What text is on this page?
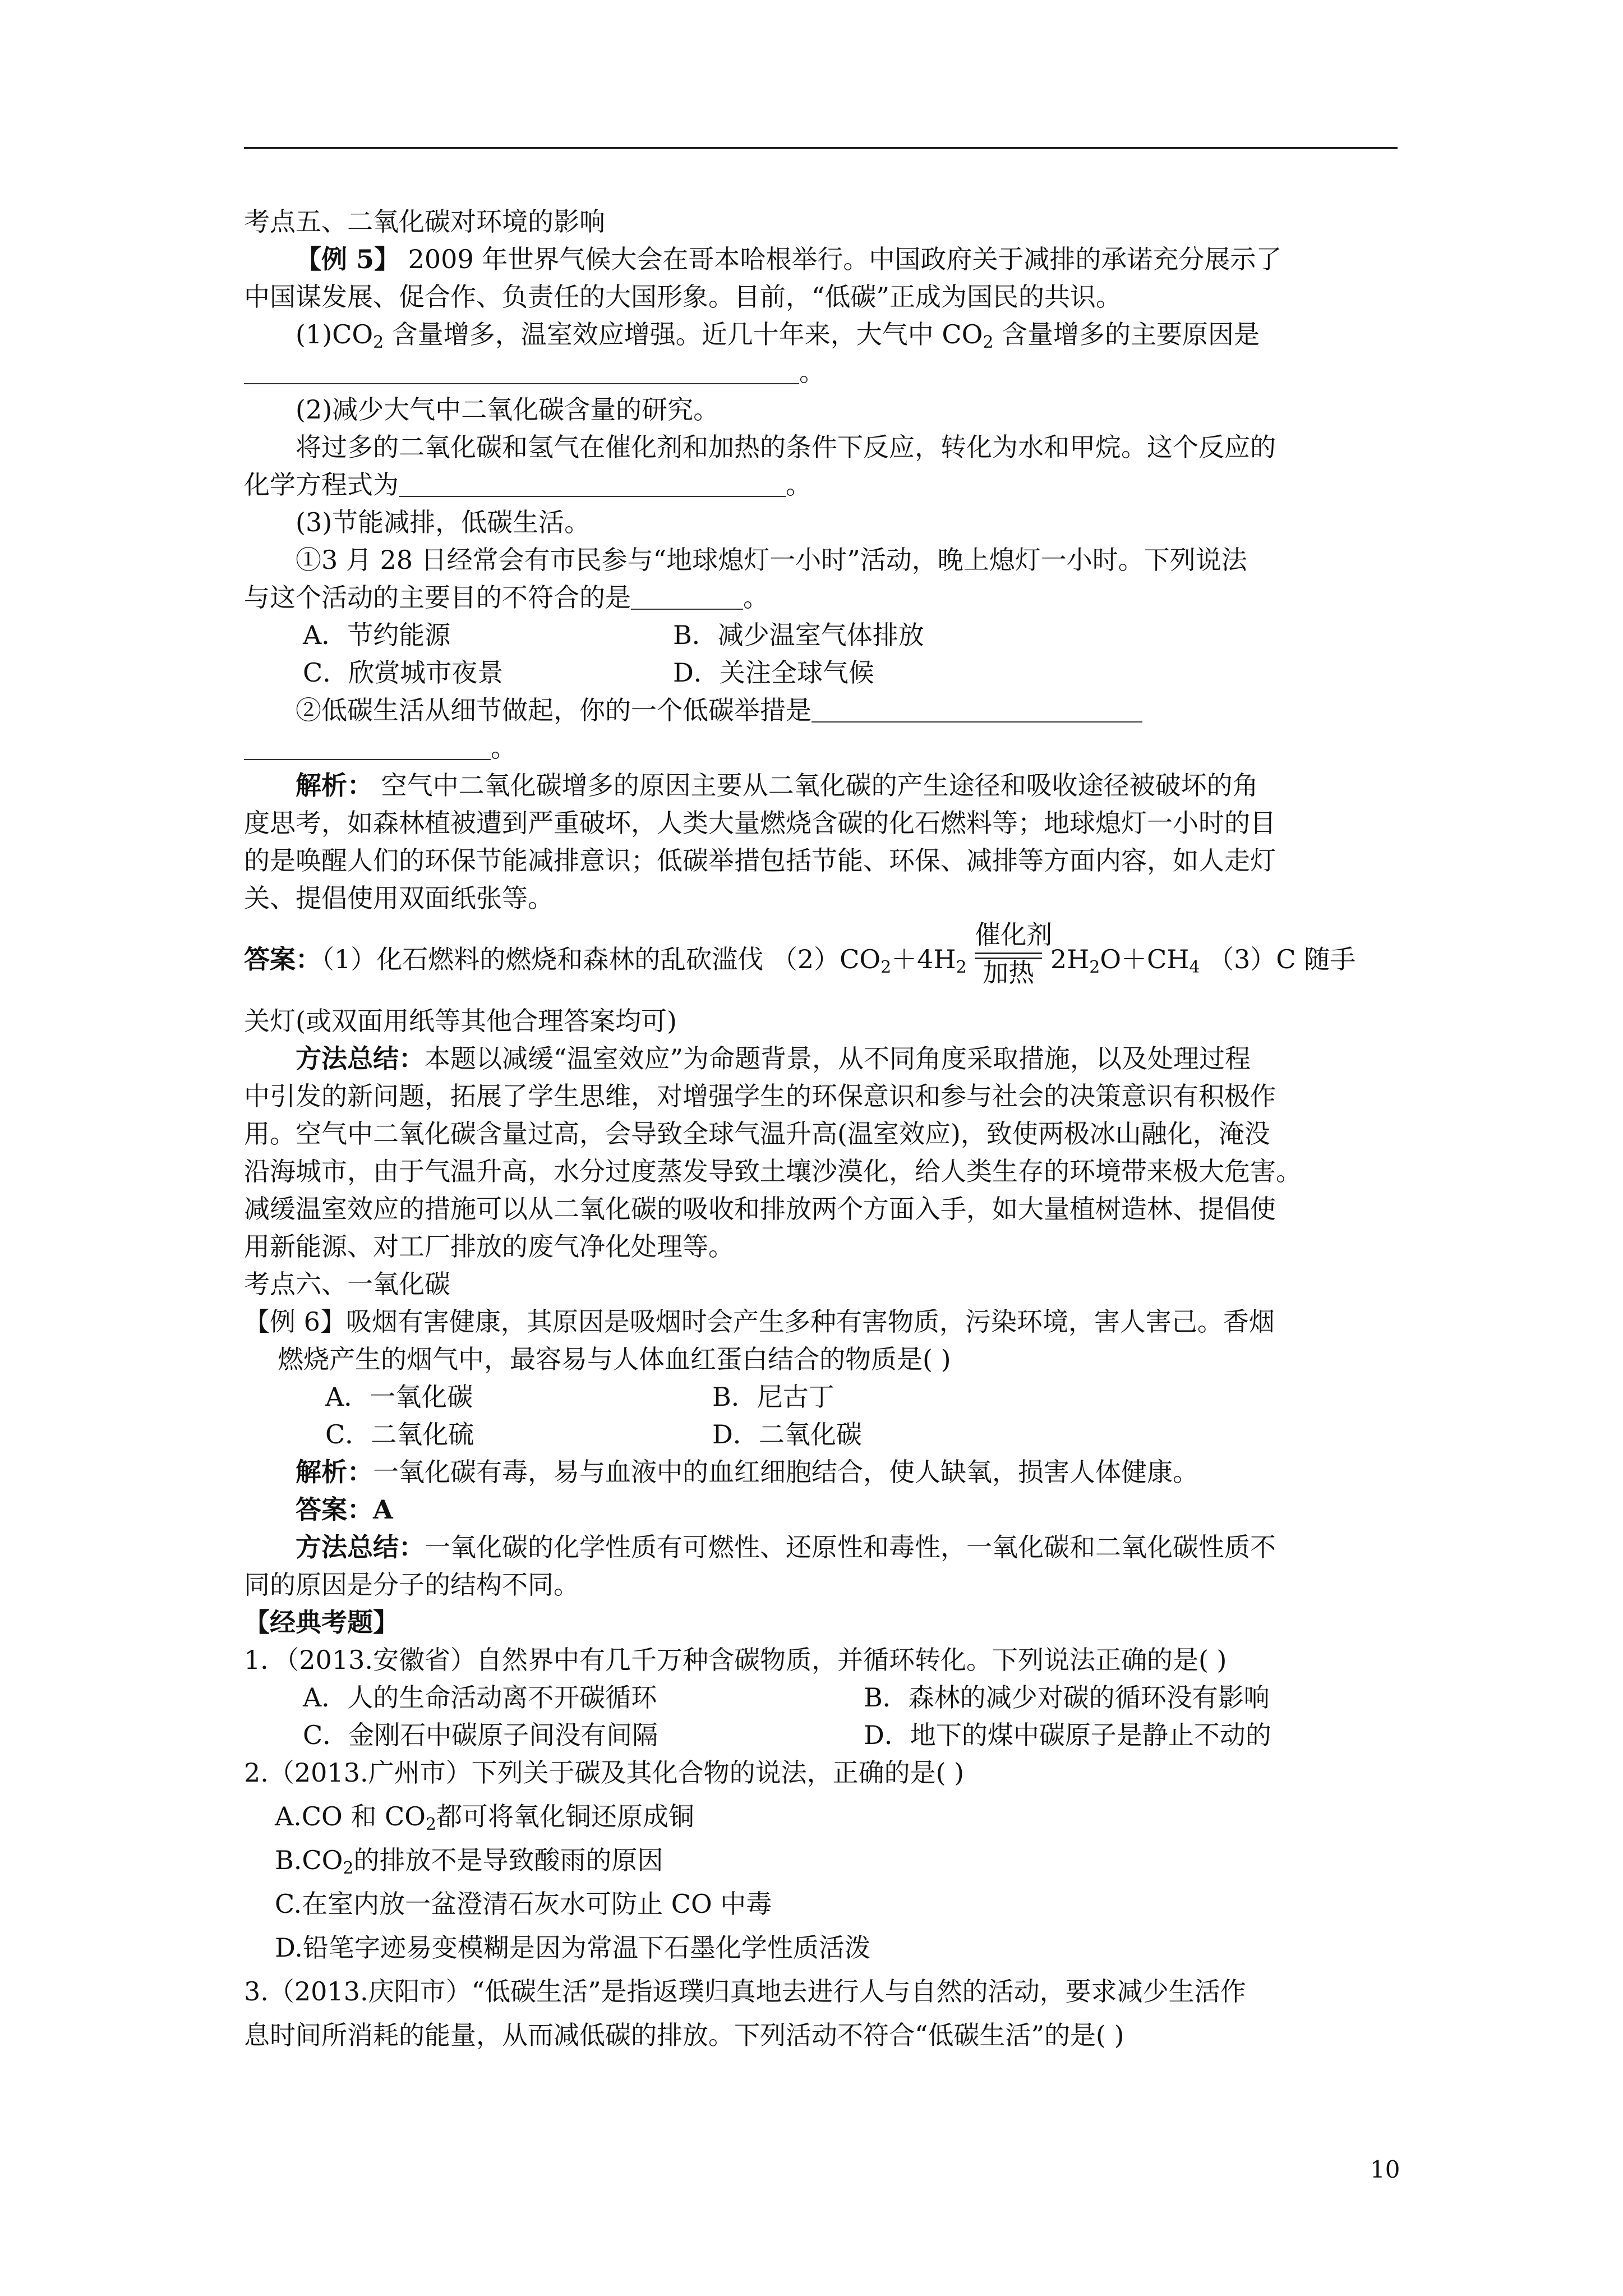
考点五、二氧化碳对环境的影响
【例 5】 2009 年世界气候大会在哥本哈根举行。中国政府关于减排的承诺充分展示了
中国谋发展、促合作、负责任的大国形象。目前，“低碳”正成为国民的共识。
$(1)CO_2$ 含量增多，温室效应增强。近几十年来，大气中 $CO_2$ 含量增多的主要原因是
。
(2)减少大气中二氧化碳含量的研究。
将过多的二氧化碳和氢气在催化剂和加热的条件下反应，转化为水和甲烷。这个反应的
化学方程式为	。
(3)节能减排，低碳生活。
①3 月 28 日经常会有市民参与“地球熄灯一小时”活动，晚上熄灯一小时。下列说法
与这个活动的主要目的不符合的是	。
A．节约能源	B．减少温室气体排放
C．欣赏城市夜景	D．关注全球气候
②低碳生活从细节做起，你的一个低碳举措是
。
解析： 空气中二氧化碳增多的原因主要从二氧化碳的产生途径和吸收途径被破坏的角
度思考，如森林植被遭到严重破坏，人类大量燃烧含碳的化石燃料等；地球熄灯一小时的目
的是唤醒人们的环保节能减排意识；低碳举措包括节能、环保、减排等方面内容，如人走灯
关、提倡使用双面纸张等。
答案：（1）化石燃料的燃烧和森林的乱砍滥伐 $(2)CO_2+4H_2$
催化剂
加热 $2H_2O+CH_4$ （3）C 随手
关灯(或双面用纸等其他合理答案均可)
方法总结：本题以减缓“温室效应”为命题背景，从不同角度采取措施，以及处理过程
中引发的新问题，拓展了学生思维，对增强学生的环保意识和参与社会的决策意识有积极作
用。空气中二氧化碳含量过高，会导致全球气温升高(温室效应)，致使两极冰山融化，淹没
沿海城市，由于气温升高，水分过度蒸发导致土壤沙漠化，给人类生存的环境带来极大危害。
减缓温室效应的措施可以从二氧化碳的吸收和排放两个方面入手，如大量植树造林、提倡使
用新能源、对工厂排放的废气净化处理等。
考点六、一氧化碳
【例 6】吸烟有害健康，其原因是吸烟时会产生多种有害物质，污染环境，害人害己。香烟
燃烧产生的烟气中，最容易与人体血红蛋白结合的物质是( )
A．一氧化碳	B．尼古丁
C．二氧化硫	D．二氧化碳
解析：一氧化碳有毒，易与血液中的血红细胞结合，使人缺氧，损害人体健康。
答案：A
方法总结：一氧化碳的化学性质有可燃性、还原性和毒性，一氧化碳和二氧化碳性质不
同的原因是分子的结构不同。
【经典考题】
1．（2013.安徽省）自然界中有几千万种含碳物质，并循环转化。下列说法正确的是( )
A．人的生命活动离不开碳循环	B．森林的减少对碳的循环没有影响
C．金刚石中碳原子间没有间隔	D．地下的煤中碳原子是静止不动的
2.（2013.广州市）下列关于碳及其化合物的说法，正确的是( )
A.CO 和 $CO_2$都可将氧化铜还原成铜
$B.CO_2$的排放不是导致酸雨的原因
C.在室内放一盆澄清石灰水可防止 CO 中毒
D.铅笔字迹易变模糊是因为常温下石墨化学性质活泼
3.（2013.庆阳市）“低碳生活”是指返璞归真地去进行人与自然的活动，要求减少生活作
息时间所消耗的能量，从而减低碳的排放。下列活动不符合“低碳生活”的是( )
10
